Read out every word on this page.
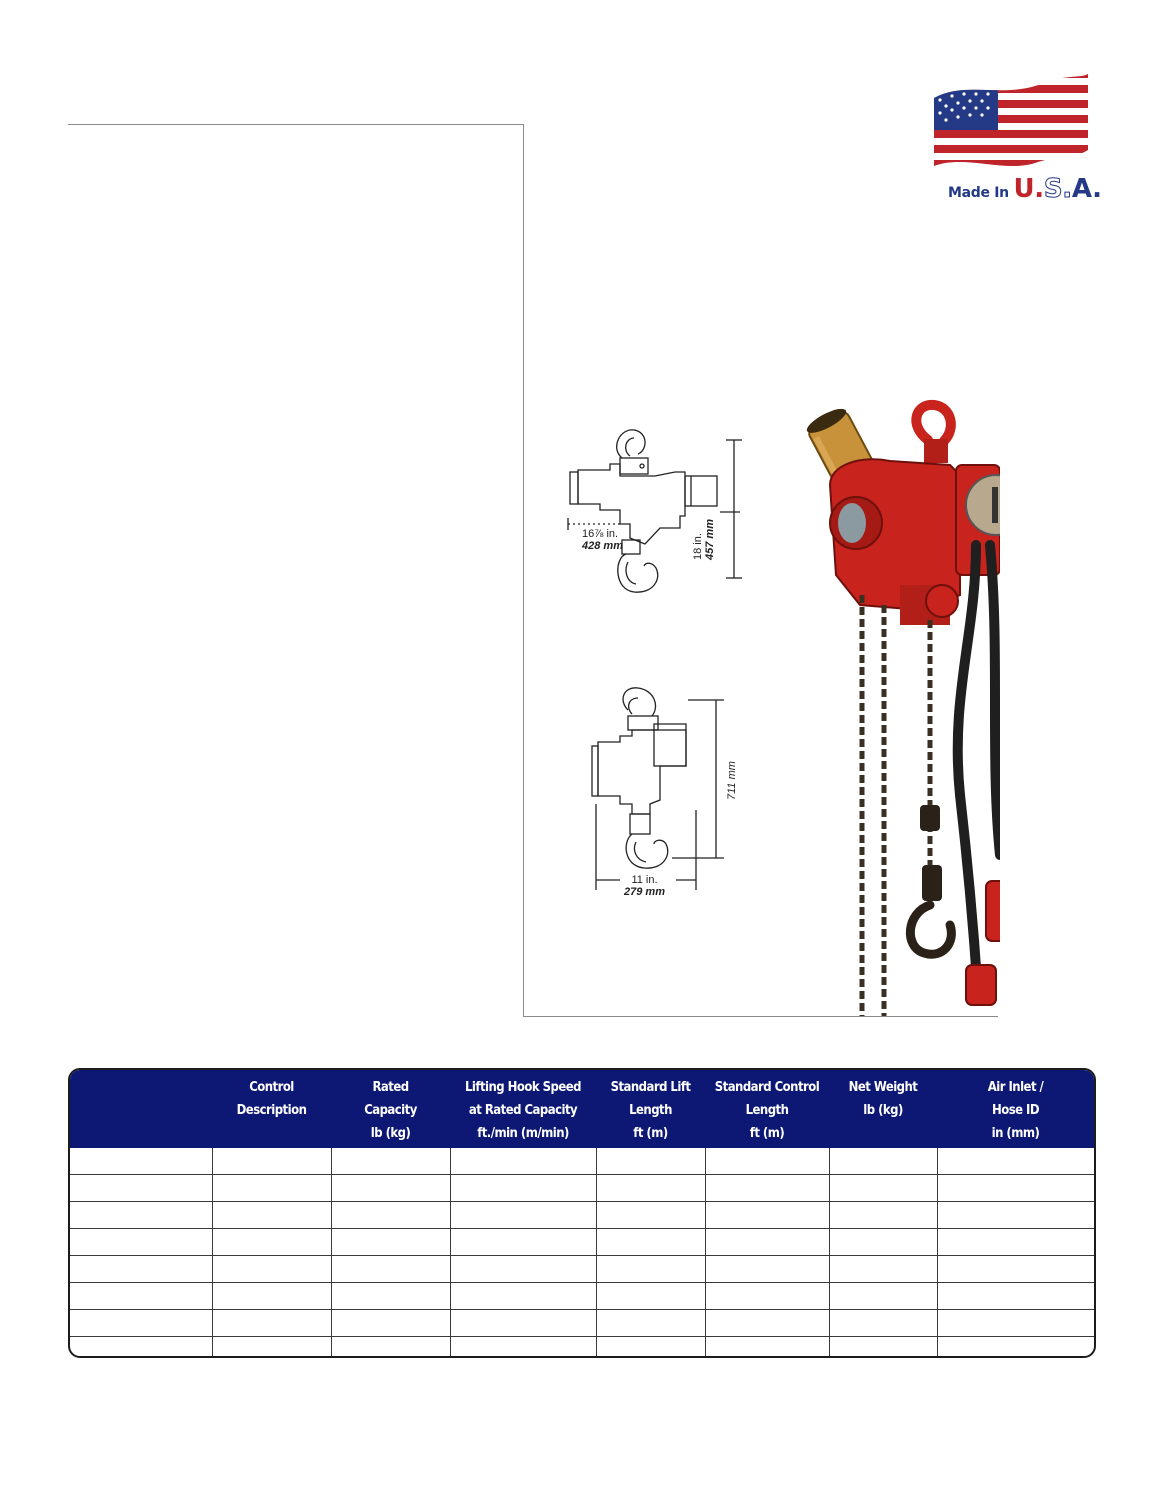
Made In U.S.A.
16⅞ in.
428 mm	18 in. 457 mm
711 mm
11 in.
279 mm
Control
Description
Rated
Capacity
lb (kg)
Lifting Hook Speed
at Rated Capacity
ft./min (m/min)
Standard Lift
Length
ft (m)
Standard Control
Length
ft (m)
Net Weight
lb (kg)
Air Inlet /
Hose ID
in (mm)
